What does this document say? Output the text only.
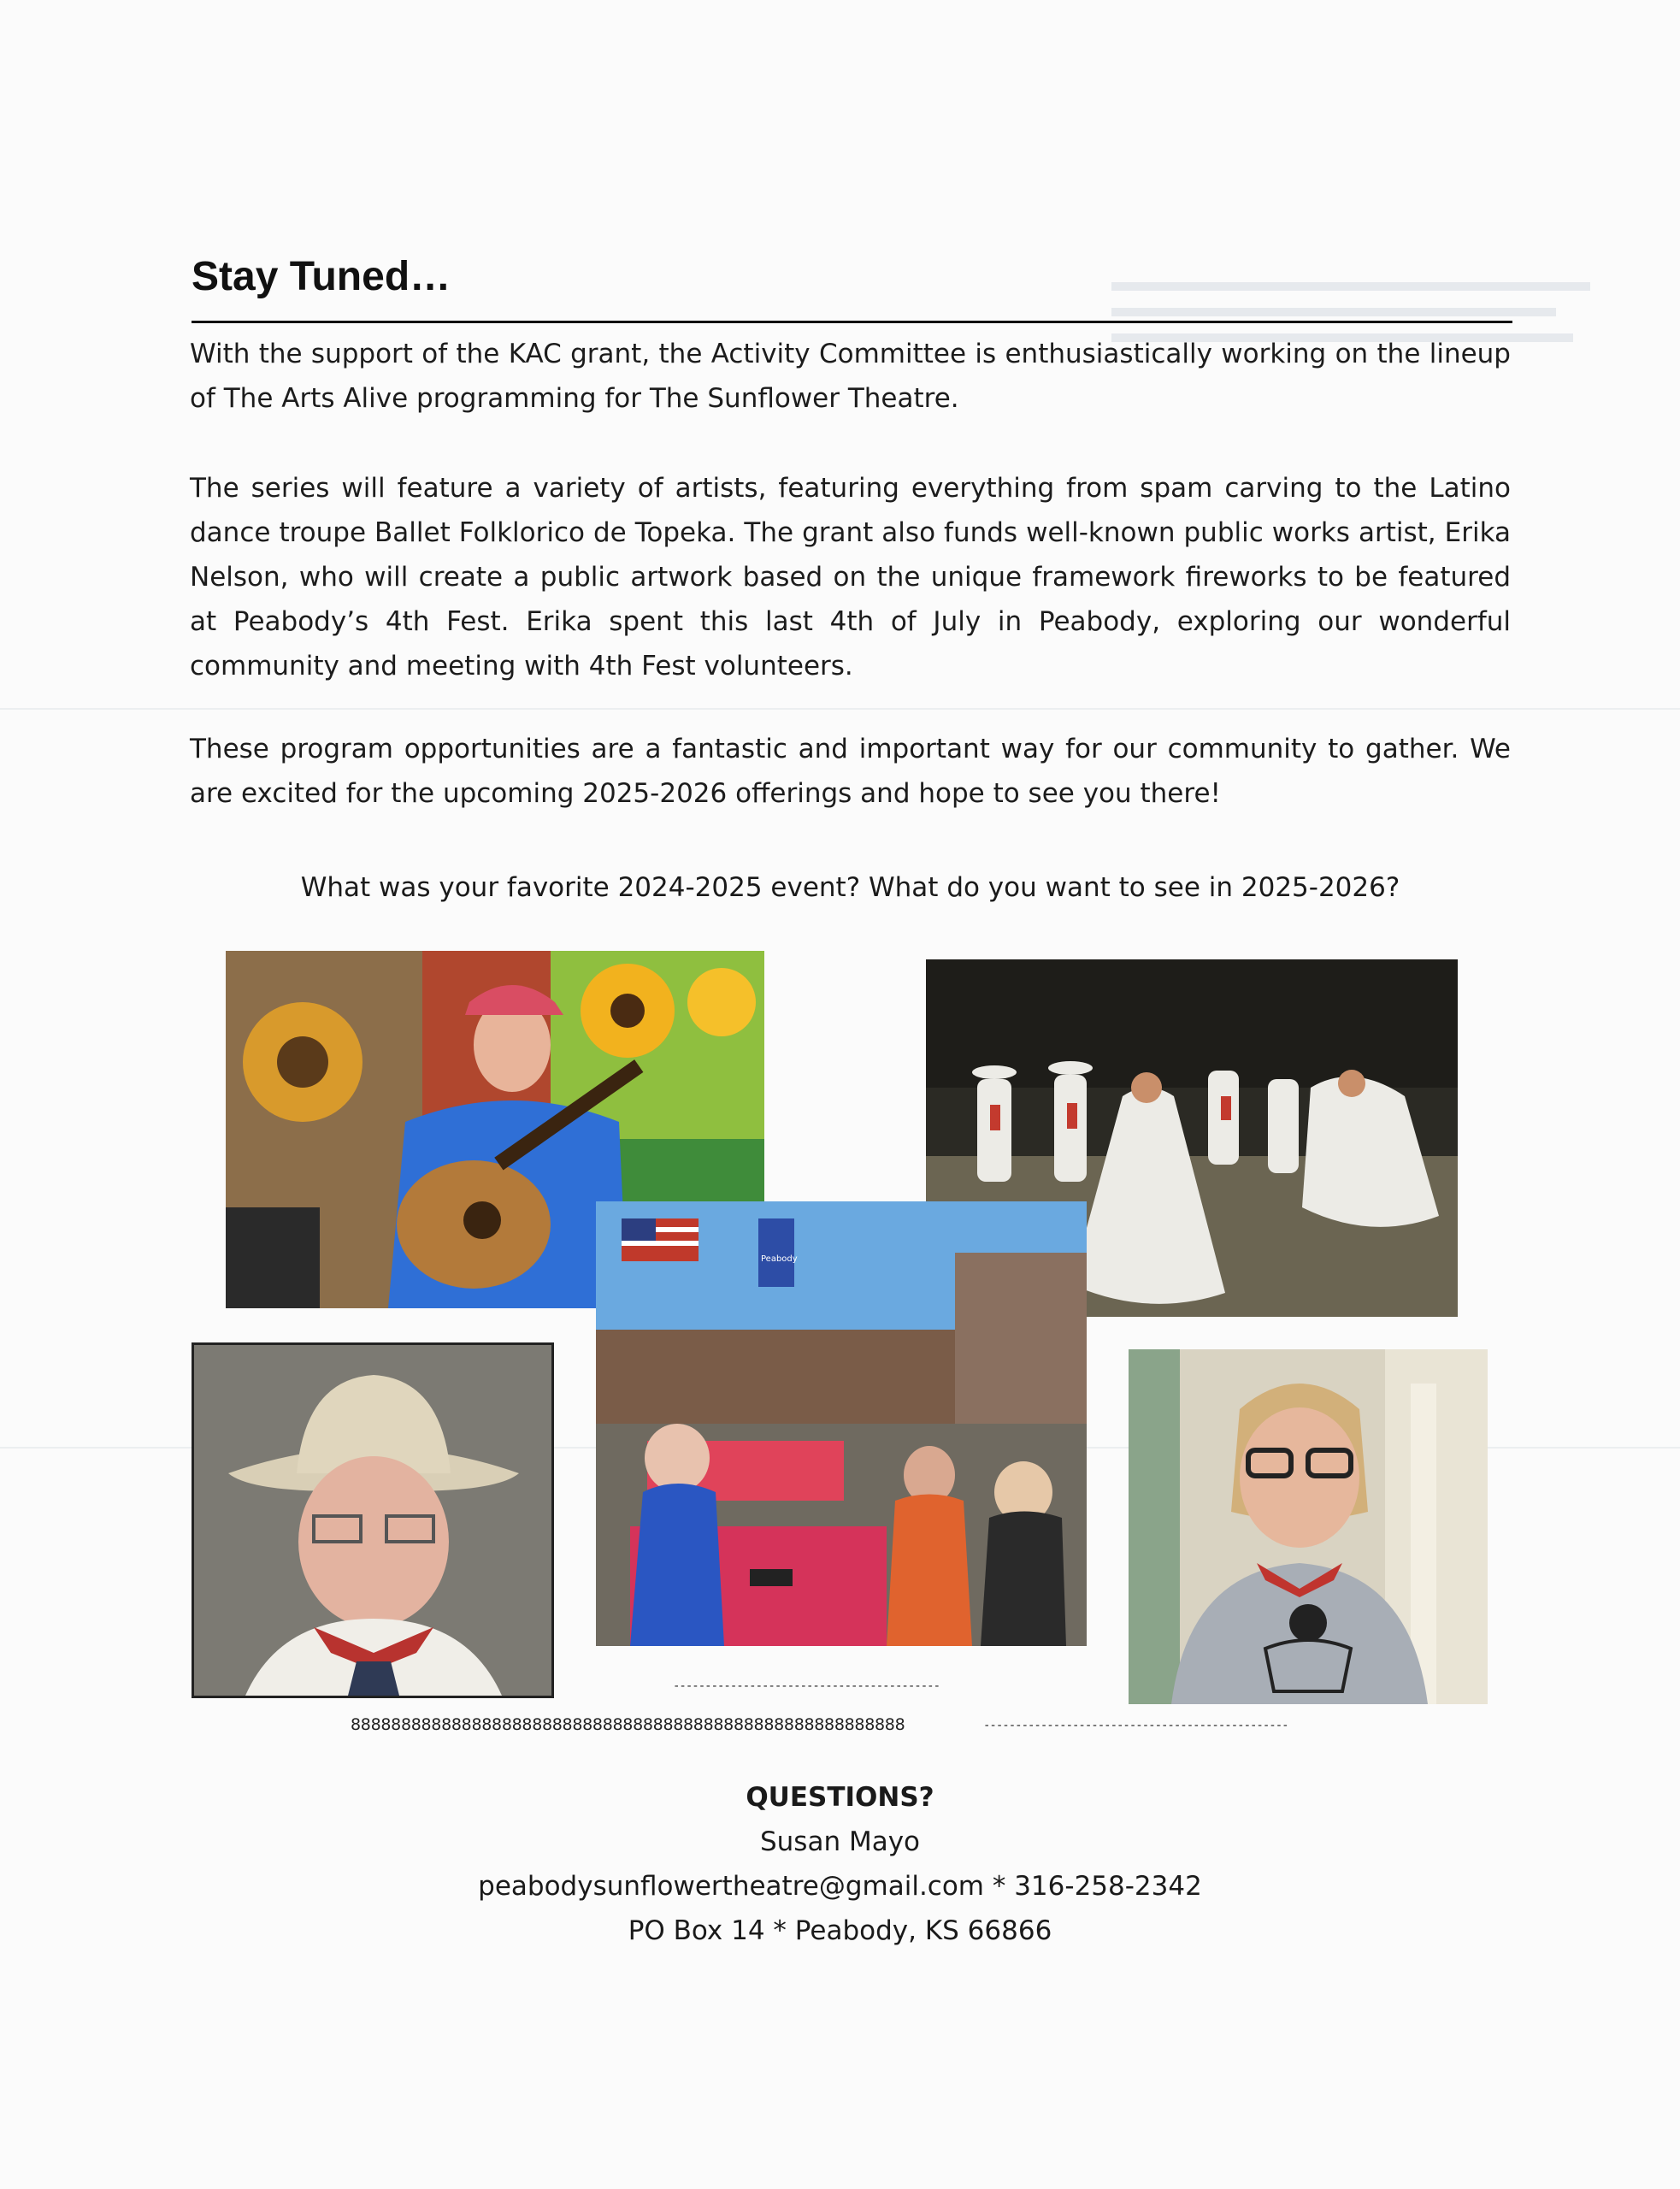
Stay Tuned…
With the support of the KAC grant, the Activity Committee is enthusiastically working on the lineup of The Arts Alive programming for The Sunflower Theatre.
The series will feature a variety of artists, featuring everything from spam carving to the Latino dance troupe Ballet Folklorico de Topeka. The grant also funds well-known public works artist, Erika Nelson, who will create a public artwork based on the unique framework fireworks to be featured at Peabody’s 4th Fest. Erika spent this last 4th of July in Peabody, exploring our wonderful community and meeting with 4th Fest volunteers.
These program opportunities are a fantastic and important way for our community to gather. We are excited for the upcoming 2025-2026 offerings and hope to see you there!
What was your favorite 2024-2025 event? What do you want to see in 2025-2026?
Peabody
------------------------------------------
8888888888888888888888888888888888888888888888888888888	------------------------------------------------
QUESTIONS?
Susan Mayo
peabodysunflowertheatre@gmail.com * 316-258-2342
PO Box 14 * Peabody, KS 66866
